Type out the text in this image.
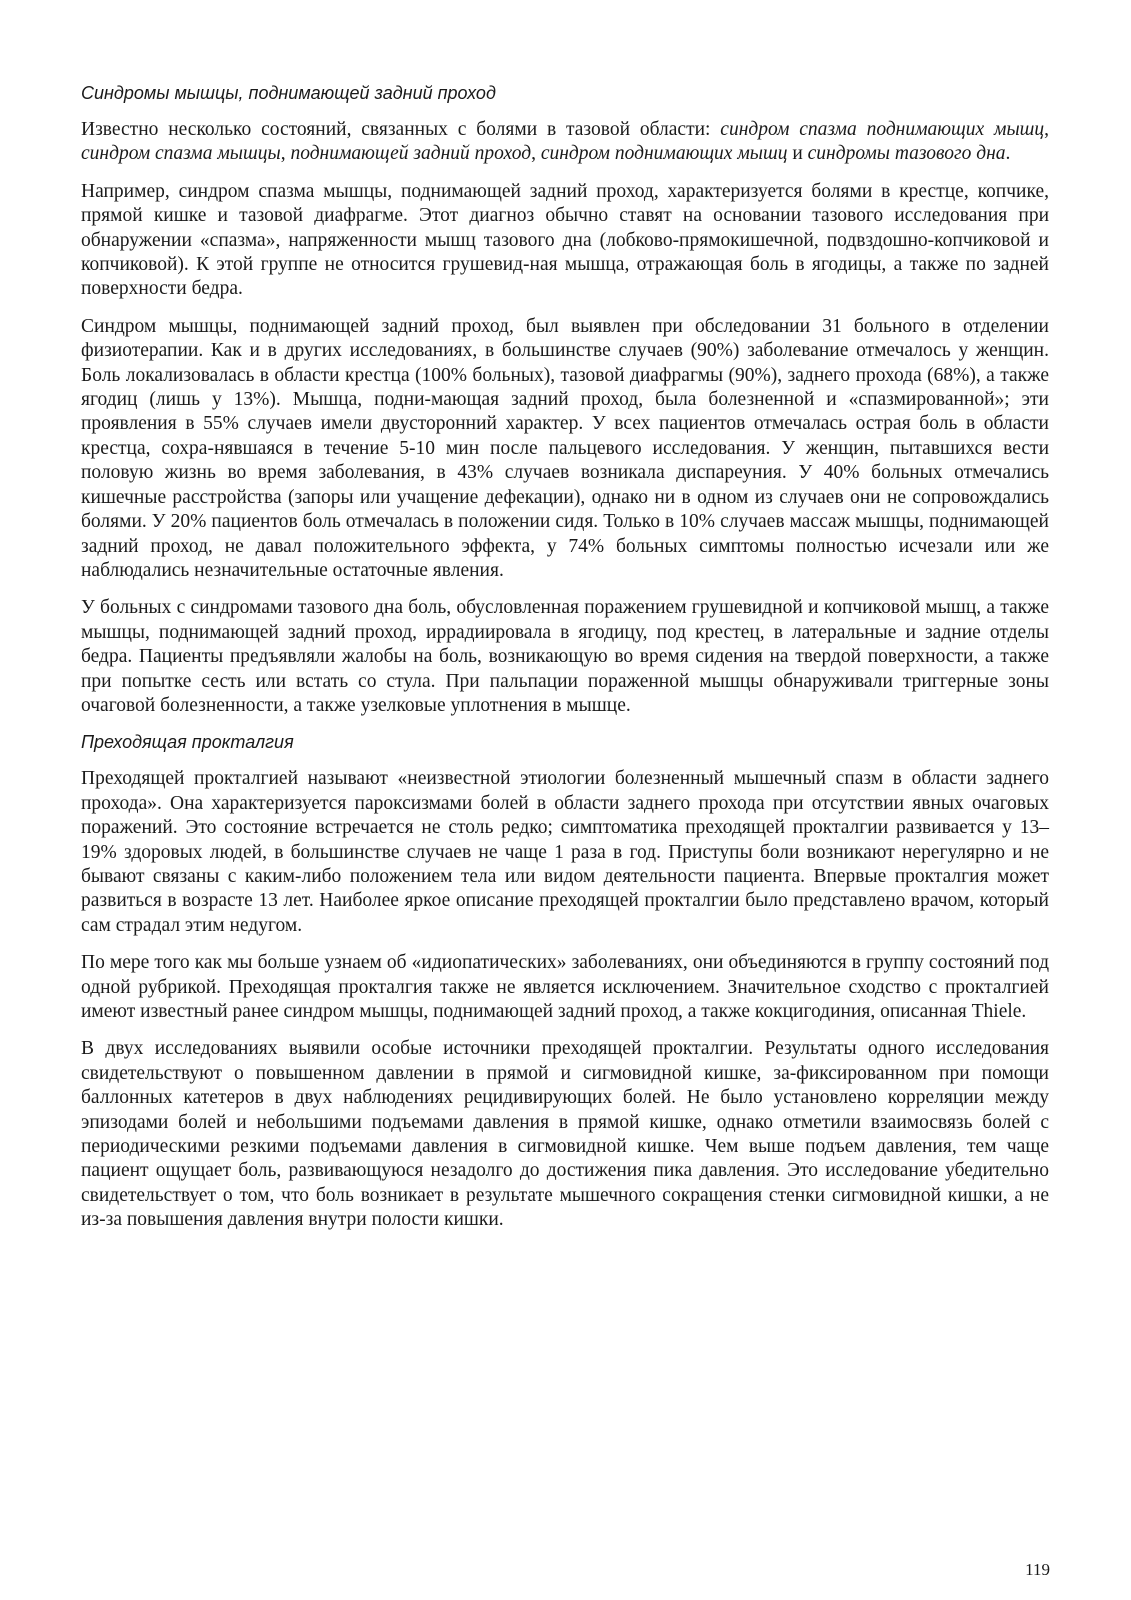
Синдромы мышцы, поднимающей задний проход

Известно несколько состояний, связанных с болями в тазовой области: синдром спазма поднимающих мышц, синдром спазма мышцы, поднимающей задний проход, синдром поднимающих мышц и синдромы тазового дна.

Например, синдром спазма мышцы, поднимающей задний проход, характеризуется болями в крестце, копчике, прямой кишке и тазовой диафрагме. Этот диагноз обычно ставят на основании тазового исследования при обнаружении «спазма», напряженности мышц тазового дна (лобково-прямокишечной, подвздошно-копчиковой и копчиковой). К этой группе не относится грушевид-ная мышца, отражающая боль в ягодицы, а также по задней поверхности бедра.

Синдром мышцы, поднимающей задний проход, был выявлен при обследовании 31 больного в отделении физиотерапии. Как и в других исследованиях, в большинстве случаев (90%) заболевание отмечалось у женщин. Боль локализовалась в области крестца (100% больных), тазовой диафрагмы (90%), заднего прохода (68%), а также ягодиц (лишь у 13%). Мышца, подни-мающая задний проход, была болезненной и «спазмированной»; эти проявления в 55% случаев имели двусторонний характер. У всех пациентов отмечалась острая боль в области крестца, сохра-нявшаяся в течение 5-10 мин после пальцевого исследования. У женщин, пытавшихся вести половую жизнь во время заболевания, в 43% случаев возникала диспареуния. У 40% больных отмечались кишечные расстройства (запоры или учащение дефекации), однако ни в одном из случаев они не сопровождались болями. У 20% пациентов боль отмечалась в положении сидя. Только в 10% случаев массаж мышцы, поднимающей задний проход, не давал положительного эффекта, у 74% больных симптомы полностью исчезали или же наблюдались незначительные остаточные явления.

У больных с синдромами тазового дна боль, обусловленная поражением грушевидной и копчиковой мышц, а также мышцы, поднимающей задний проход, иррадиировала в ягодицу, под крестец, в латеральные и задние отделы бедра. Пациенты предъявляли жалобы на боль, возникающую во время сидения на твердой поверхности, а также при попытке сесть или встать со стула. При пальпации пораженной мышцы обнаруживали триггерные зоны очаговой болезненности, а также узелковые уплотнения в мышце.

Преходящая прокталгия

Преходящей прокталгией называют «неизвестной этиологии болезненный мышечный спазм в области заднего прохода». Она характеризуется пароксизмами болей в области заднего прохода при отсутствии явных очаговых поражений. Это состояние встречается не столь редко; симптоматика преходящей прокталгии развивается у 13–19% здоровых людей, в большинстве случаев не чаще 1 раза в год. Приступы боли возникают нерегулярно и не бывают связаны с каким-либо положением тела или видом деятельности пациента. Впервые прокталгия может развиться в возрасте 13 лет. Наиболее яркое описание преходящей прокталгии было представлено врачом, который сам страдал этим недугом.

По мере того как мы больше узнаем об «идиопатических» заболеваниях, они объединяются в группу состояний под одной рубрикой. Преходящая прокталгия также не является исключением. Значительное сходство с прокталгией имеют известный ранее синдром мышцы, поднимающей задний проход, а также кокцигодиния, описанная Thiele.

В двух исследованиях выявили особые источники преходящей прокталгии. Результаты одного исследования свидетельствуют о повышенном давлении в прямой и сигмовидной кишке, за-фиксированном при помощи баллонных катетеров в двух наблюдениях рецидивирующих болей. Не было установлено корреляции между эпизодами болей и небольшими подъемами давления в прямой кишке, однако отметили взаимосвязь болей с периодическими резкими подъемами давления в сигмовидной кишке. Чем выше подъем давления, тем чаще пациент ощущает боль, развивающуюся незадолго до достижения пика давления. Это исследование убедительно свидетельствует о том, что боль возникает в результате мышечного сокращения стенки сигмовидной кишки, а не из-за повышения давления внутри полости кишки.

119
